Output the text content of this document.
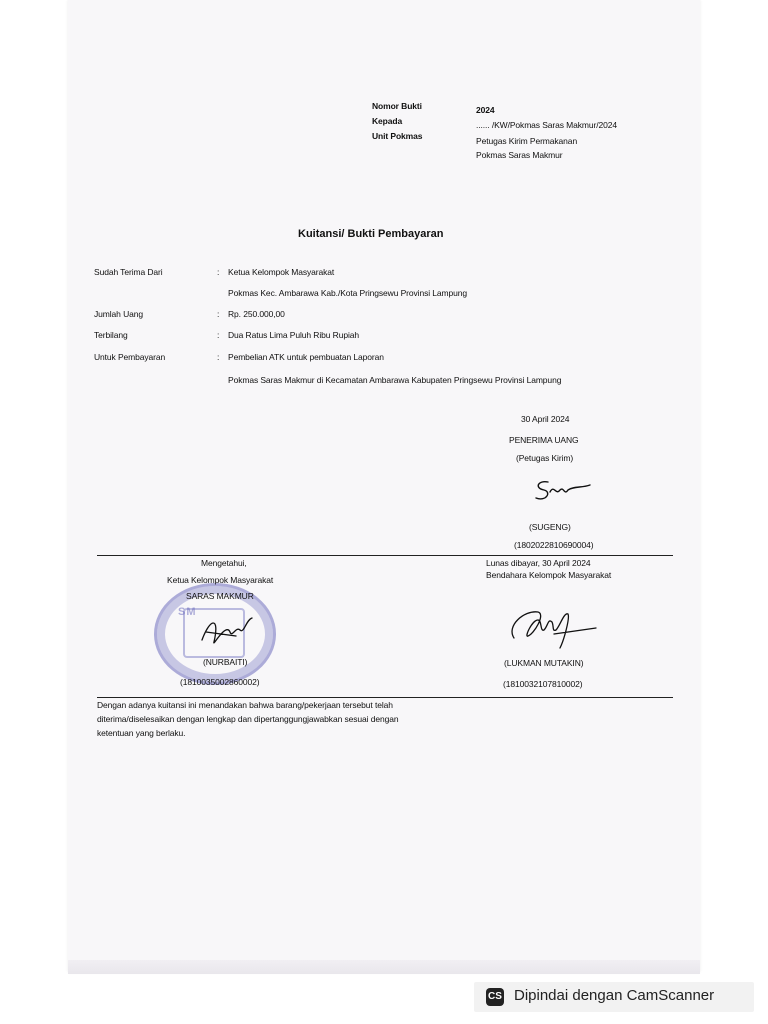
Nomor Bukti	2024
Kepada	...... /KW/Pokmas Saras Makmur/2024
Unit Pokmas	Petugas Kirim Permakanan
Pokmas Saras Makmur
Kuitansi/ Bukti Pembayaran
Sudah Terima Dari	: Ketua Kelompok Masyarakat
Pokmas Kec. Ambarawa Kab./Kota Pringsewu Provinsi Lampung
Jumlah Uang	: Rp. 250.000,00
Terbilang	: Dua Ratus Lima Puluh Ribu Rupiah
Untuk Pembayaran	: Pembelian ATK untuk pembuatan Laporan
Pokmas Saras Makmur di Kecamatan Ambarawa Kabupaten Pringsewu Provinsi Lampung
30 April 2024
PENERIMA UANG
(Petugas Kirim)
(SUGENG)
(1802022810690004)
SM
Mengetahui,
Ketua Kelompok Masyarakat
SARAS MAKMUR
(NURBAITI)
(1810035002860002)
Lunas dibayar, 30 April 2024
Bendahara Kelompok Masyarakat
(LUKMAN MUTAKIN)
(1810032107810002)
Dengan adanya kuitansi ini menandakan bahwa barang/pekerjaan tersebut telah
diterima/diselesaikan dengan lengkap dan dipertanggungjawabkan sesuai dengan
ketentuan yang berlaku.
CS Dipindai dengan CamScanner
